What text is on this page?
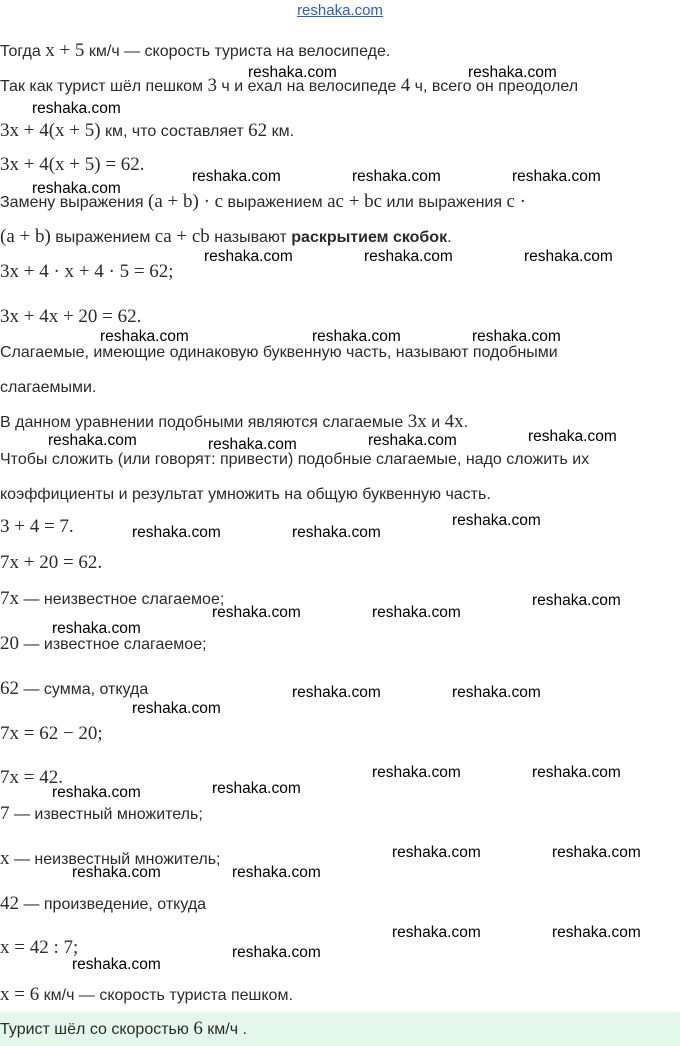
reshaka.com
Тогда x + 5 км/ч — скорость туриста на велосипеде.
Так как турист шёл пешком 3 ч и ехал на велосипеде 4 ч, всего он преодолел
3x + 4(x + 5) км, что составляет 62 км.
3x + 4(x + 5) = 62.
Замену выражения (a + b) · c выражением ac + bc или выражения c ·
(a + b) выражением ca + cb называют раскрытием скобок.
3x + 4 · x + 4 · 5 = 62;
3x + 4x + 20 = 62.
Слагаемые, имеющие одинаковую буквенную часть, называют подобными
слагаемыми.
В данном уравнении подобными являются слагаемые 3x и 4x.
Чтобы сложить (или говорят: привести) подобные слагаемые, надо сложить их
коэффициенты и результат умножить на общую буквенную часть.
3 + 4 = 7.
7x + 20 = 62.
7x — неизвестное слагаемое;
20 — известное слагаемое;
62 — сумма, откуда
7x = 62 − 20;
7x = 42.
7 — известный множитель;
x — неизвестный множитель;
42 — произведение, откуда
x = 42 : 7;
x = 6 км/ч — скорость туриста пешком.
Турист шёл со скоростью 6 км/ч .
reshaka.com	reshaka.com
reshaka.com
reshaka.com
reshaka.com	reshaka.com	reshaka.com
reshaka.com	reshaka.com	reshaka.com
reshaka.com	reshaka.com	reshaka.com
reshaka.com	reshaka.com	reshaka.com	reshaka.com
reshaka.com
reshaka.com	reshaka.com
reshaka.com	reshaka.com
reshaka.com
reshaka.com
reshaka.com	reshaka.com
reshaka.com
reshaka.com	reshaka.com
reshaka.com
reshaka.com	reshaka.com
reshaka.com	reshaka.com
reshaka.com	reshaka.com
reshaka.com
reshaka.com
reshaka.com
